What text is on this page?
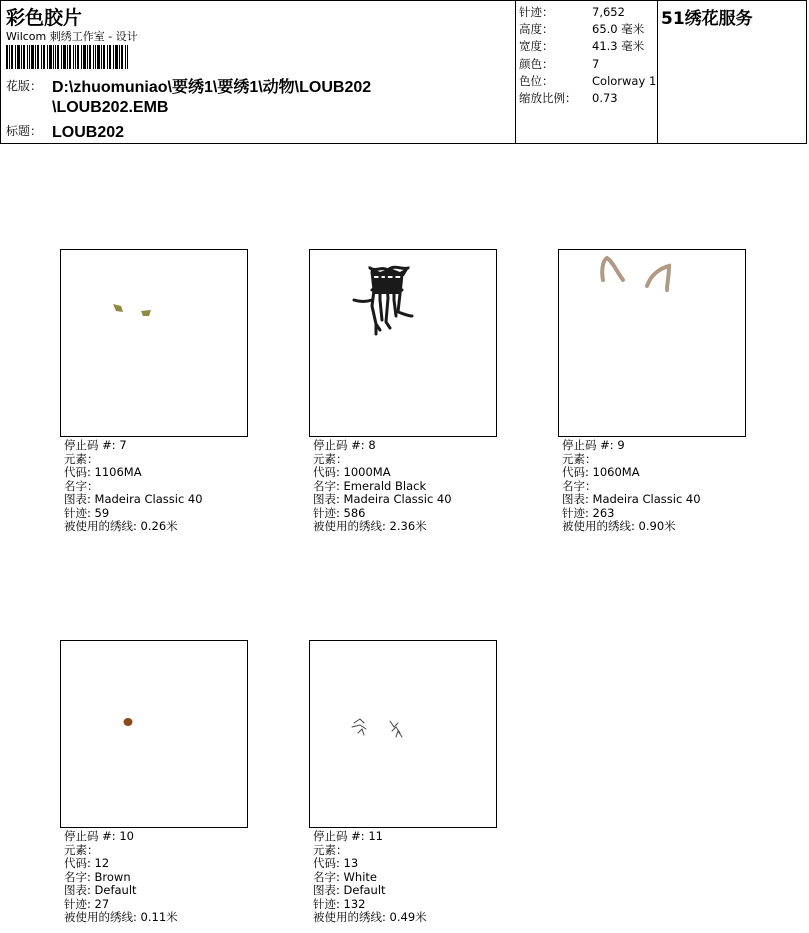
彩色胶片
Wilcom 刺绣工作室 - 设计
花版： D:\zhuomuniao\要绣1\要绣1\动物\LOUB202
\LOUB202.EMB
标题： LOUB202
针迹：	7,652
高度：	65.0 毫米
宽度：	41.3 毫米
颜色：	7
色位：	Colorway 1
缩放比例： 0.73
51绣花服务
停止码 #: 7
元素：
代码: 1106MA
名字：
图表: Madeira Classic 40
针迹: 59
被使用的绣线: 0.26米
停止码 #: 8
元素：
代码: 1000MA
名字: Emerald Black
图表: Madeira Classic 40
针迹: 586
被使用的绣线: 2.36米
停止码 #: 9
元素：
代码: 1060MA
名字：
图表: Madeira Classic 40
针迹: 263
被使用的绣线: 0.90米
停止码 #: 10
元素：
代码: 12
名字: Brown
图表: Default
针迹: 27
被使用的绣线: 0.11米
停止码 #: 11
元素：
代码: 13
名字: White
图表: Default
针迹: 132
被使用的绣线: 0.49米
